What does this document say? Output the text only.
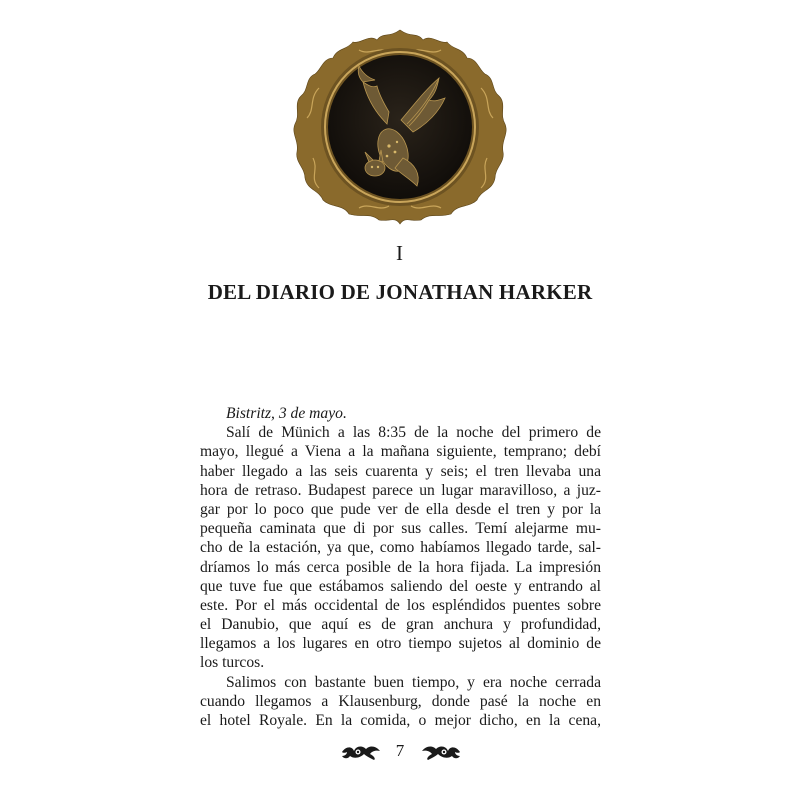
I
DEL DIARIO DE JONATHAN HARKER
Bistritz, 3 de mayo.
Salí de Münich a las 8:35 de la noche del primero de
mayo, llegué a Viena a la mañana siguiente, temprano; debí
haber llegado a las seis cuarenta y seis; el tren llevaba una
hora de retraso. Budapest parece un lugar maravilloso, a juz-
gar por lo poco que pude ver de ella desde el tren y por la
pequeña caminata que di por sus calles. Temí alejarme mu-
cho de la estación, ya que, como habíamos llegado tarde, sal-
dríamos lo más cerca posible de la hora fijada. La impresión
que tuve fue que estábamos saliendo del oeste y entrando al
este. Por el más occidental de los espléndidos puentes sobre
el Danubio, que aquí es de gran anchura y profundidad,
llegamos a los lugares en otro tiempo sujetos al dominio de
los turcos.
Salimos con bastante buen tiempo, y era noche cerrada
cuando llegamos a Klausenburg, donde pasé la noche en
el hotel Royale. En la comida, o mejor dicho, en la cena,
7
